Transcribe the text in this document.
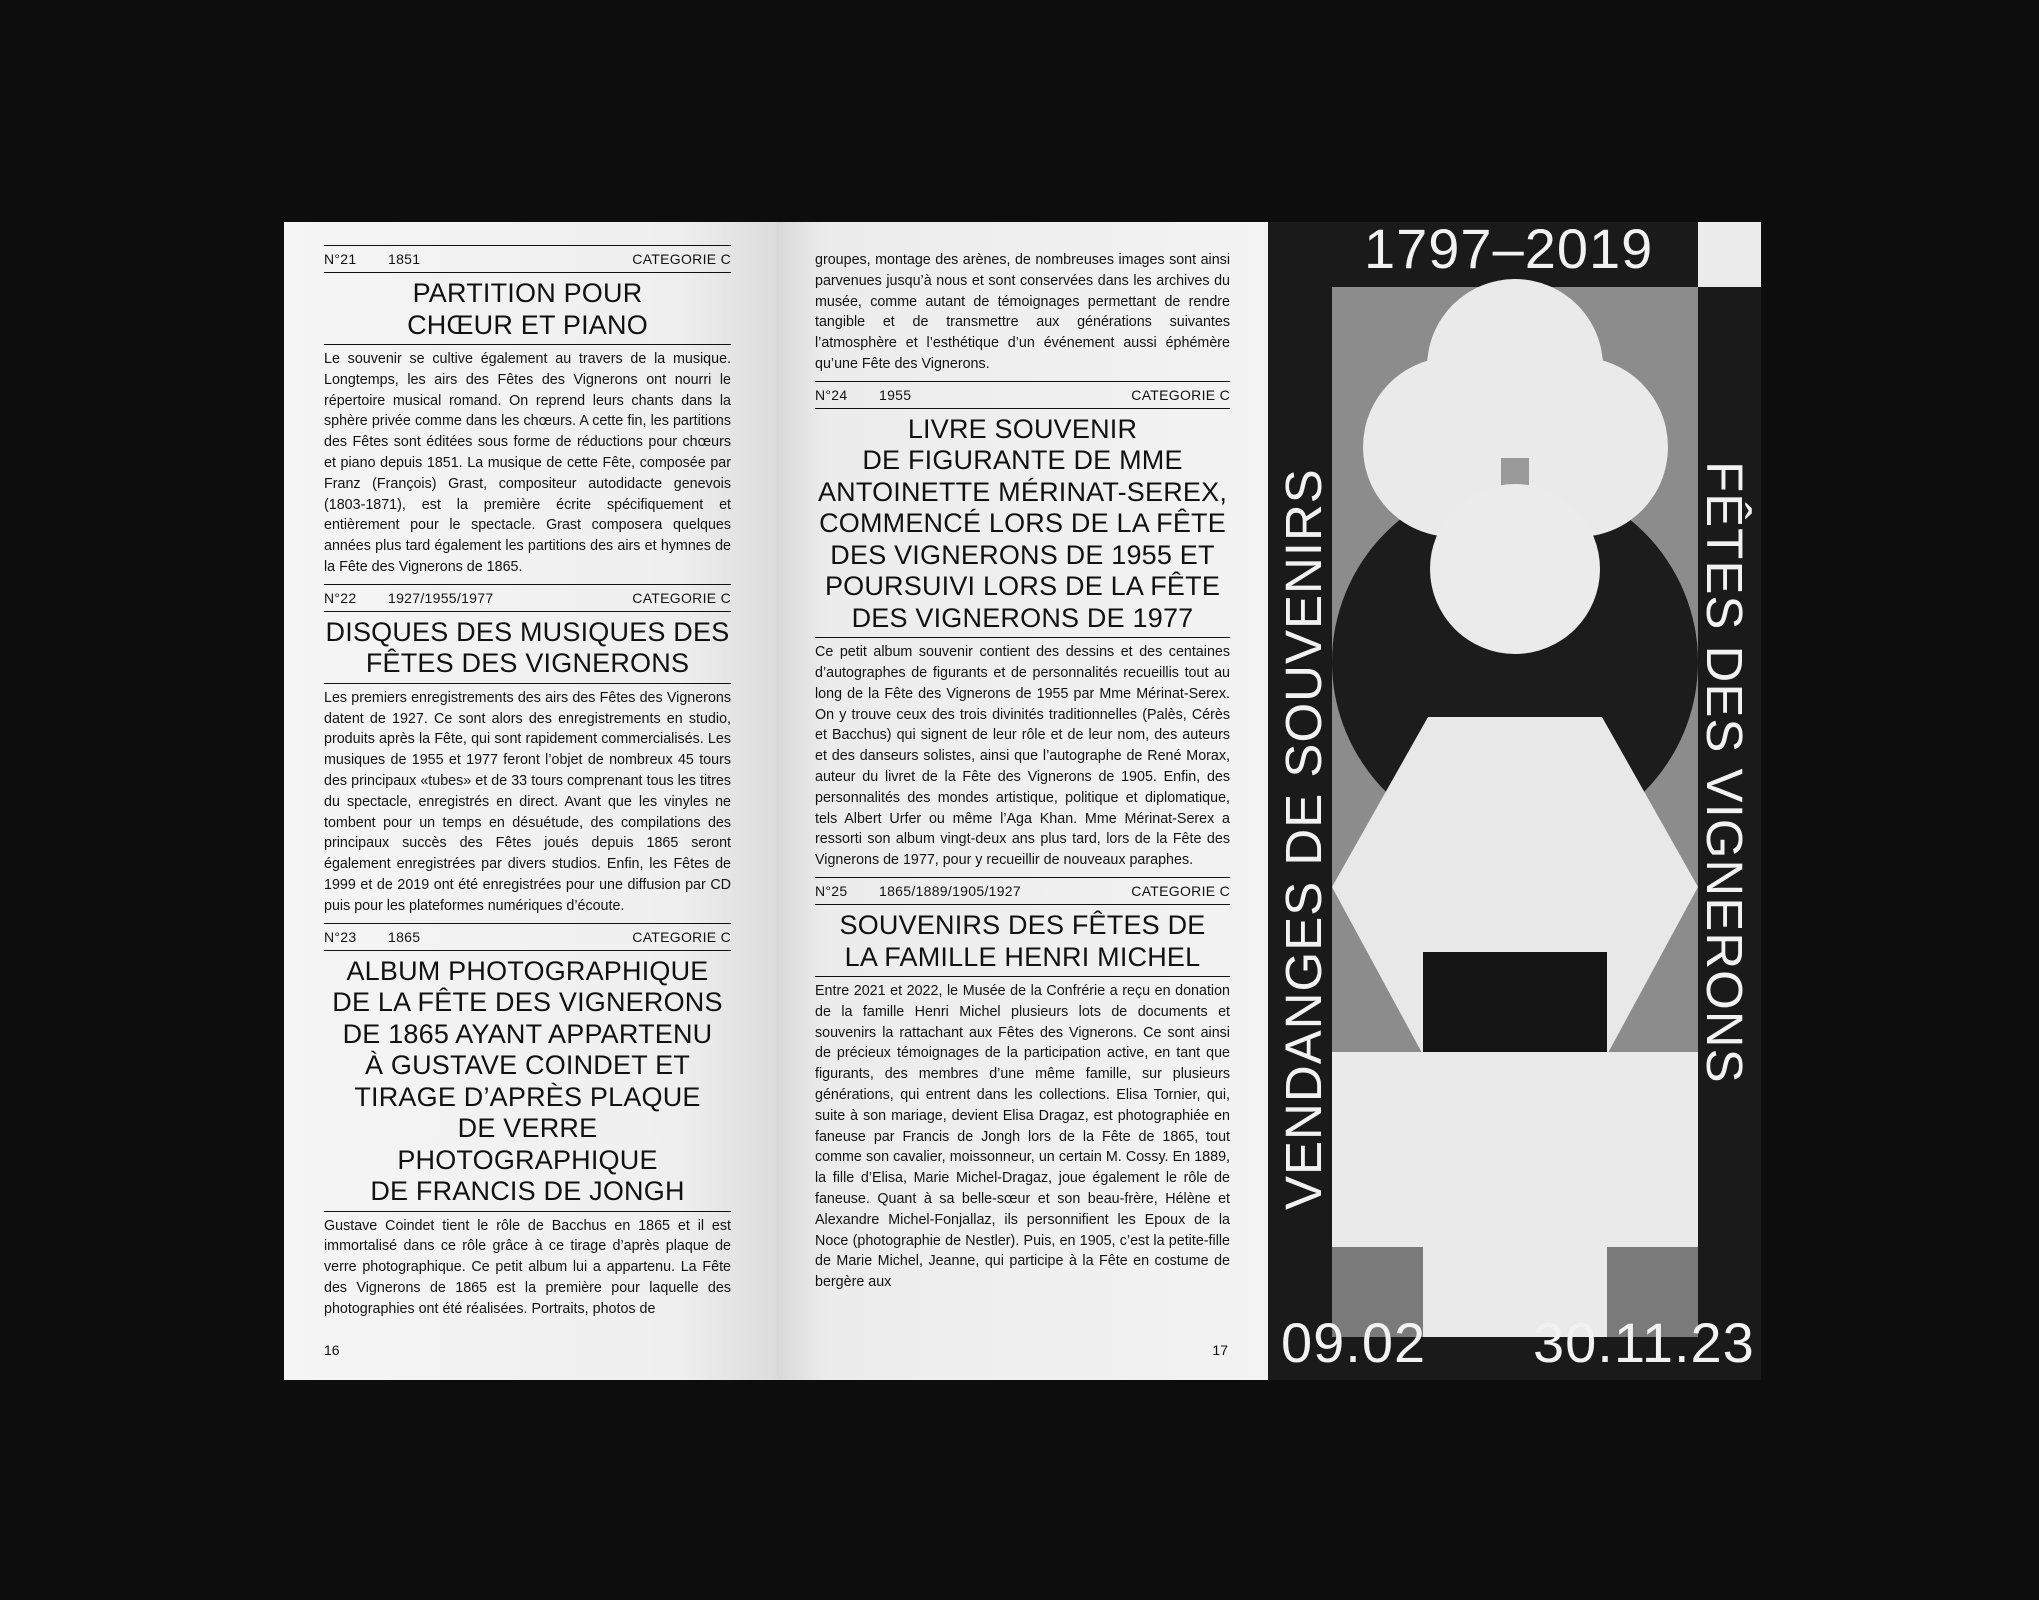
N°21	1851	CATEGORIE C
PARTITION POUR
CHŒUR ET PIANO
Le souvenir se cultive également au travers de la musique. Longtemps, les airs des Fêtes des Vignerons ont nourri le répertoire musical romand. On reprend leurs chants dans la sphère privée comme dans les chœurs. A cette fin, les partitions des Fêtes sont éditées sous forme de réductions pour chœurs et piano depuis 1851. La musique de cette Fête, composée par Franz (François) Grast, compositeur autodidacte genevois (1803-1871), est la première écrite spécifiquement et entièrement pour le spectacle. Grast composera quelques années plus tard également les partitions des airs et hymnes de la Fête des Vignerons de 1865.
N°22	1927/1955/1977	CATEGORIE C
DISQUES DES MUSIQUES DES
FÊTES DES VIGNERONS
Les premiers enregistrements des airs des Fêtes des Vignerons datent de 1927. Ce sont alors des enregistrements en studio, produits après la Fête, qui sont rapidement commercialisés. Les musiques de 1955 et 1977 feront l’objet de nombreux 45 tours des principaux «tubes» et de 33 tours comprenant tous les titres du spectacle, enregistrés en direct. Avant que les vinyles ne tombent pour un temps en désuétude, des compilations des principaux succès des Fêtes joués depuis 1865 seront également enregistrées par divers studios. Enfin, les Fêtes de 1999 et de 2019 ont été enregistrées pour une diffusion par CD puis pour les plateformes numériques d’écoute.
N°23	1865	CATEGORIE C
ALBUM PHOTOGRAPHIQUE
DE LA FÊTE DES VIGNERONS
DE 1865 AYANT APPARTENU
À GUSTAVE COINDET ET
TIRAGE D’APRÈS PLAQUE
DE VERRE PHOTOGRAPHIQUE
DE FRANCIS DE JONGH
Gustave Coindet tient le rôle de Bacchus en 1865 et il est immortalisé dans ce rôle grâce à ce tirage d’après plaque de verre photographique. Ce petit album lui a appartenu. La Fête des Vignerons de 1865 est la première pour laquelle des photographies ont été réalisées. Portraits, photos de
16
groupes, montage des arènes, de nombreuses images sont ainsi parvenues jusqu’à nous et sont conservées dans les archives du musée, comme autant de témoignages permettant de rendre tangible et de transmettre aux générations suivantes l’atmosphère et l’esthétique d’un événement aussi éphémère qu’une Fête des Vignerons.
N°24	1955	CATEGORIE C
LIVRE SOUVENIR
DE FIGURANTE DE MME
ANTOINETTE MÉRINAT-SEREX,
COMMENCÉ LORS DE LA FÊTE
DES VIGNERONS DE 1955 ET
POURSUIVI LORS DE LA FÊTE
DES VIGNERONS DE 1977
Ce petit album souvenir contient des dessins et des centaines d’autographes de figurants et de personnalités recueillis tout au long de la Fête des Vignerons de 1955 par Mme Mérinat-Serex. On y trouve ceux des trois divinités traditionnelles (Palès, Cérès et Bacchus) qui signent de leur rôle et de leur nom, des auteurs et des danseurs solistes, ainsi que l’autographe de René Morax, auteur du livret de la Fête des Vignerons de 1905. Enfin, des personnalités des mondes artistique, politique et diplomatique, tels Albert Urfer ou même l’Aga Khan. Mme Mérinat-Serex a ressorti son album vingt-deux ans plus tard, lors de la Fête des Vignerons de 1977, pour y recueillir de nouveaux paraphes.
N°25	1865/1889/1905/1927	CATEGORIE C
SOUVENIRS DES FÊTES DE
LA FAMILLE HENRI MICHEL
Entre 2021 et 2022, le Musée de la Confrérie a reçu en donation de la famille Henri Michel plusieurs lots de documents et souvenirs la rattachant aux Fêtes des Vignerons. Ce sont ainsi de précieux témoignages de la participation active, en tant que figurants, des membres d’une même famille, sur plusieurs générations, qui entrent dans les collections. Elisa Tornier, qui, suite à son mariage, devient Elisa Dragaz, est photographiée en faneuse par Francis de Jongh lors de la Fête de 1865, tout comme son cavalier, moissonneur, un certain M. Cossy. En 1889, la fille d’Elisa, Marie Michel-Dragaz, joue également le rôle de faneuse. Quant à sa belle-sœur et son beau-frère, Hélène et Alexandre Michel-Fonjallaz, ils personnifient les Epoux de la Noce (photographie de Nestler). Puis, en 1905, c’est la petite-fille de Marie Michel, Jeanne, qui participe à la Fête en costume de bergère aux
17
1797–2019
VENDANGES DE SOUVENIRS	FÊTES DES VIGNERONS
09.02 30.11.23
